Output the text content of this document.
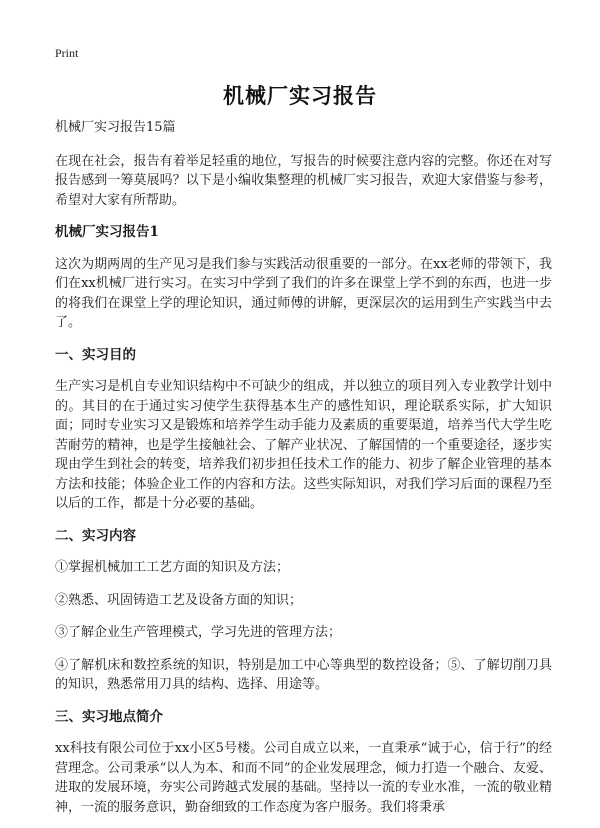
Print
机械厂实习报告

机械厂实习报告15篇

在现在社会，报告有着举足轻重的地位，写报告的时候要注意内容的完整。你还在对写报告感到一筹莫展吗？以下是小编收集整理的机械厂实习报告，欢迎大家借鉴与参考，希望对大家有所帮助。

机械厂实习报告1

这次为期两周的生产见习是我们参与实践活动很重要的一部分。在xx老师的带领下，我们在xx机械厂进行实习。在实习中学到了我们的许多在课堂上学不到的东西，也进一步的将我们在课堂上学的理论知识，通过师傅的讲解，更深层次的运用到生产实践当中去了。

一、实习目的

生产实习是机自专业知识结构中不可缺少的组成，并以独立的项目列入专业教学计划中的。其目的在于通过实习使学生获得基本生产的感性知识，理论联系实际，扩大知识面；同时专业实习又是锻炼和培养学生动手能力及素质的重要渠道，培养当代大学生吃苦耐劳的精神，也是学生接触社会、了解产业状况、了解国情的一个重要途径，逐步实现由学生到社会的转变，培养我们初步担任技术工作的能力、初步了解企业管理的基本方法和技能；体验企业工作的内容和方法。这些实际知识，对我们学习后面的课程乃至以后的工作，都是十分必要的基础。

二、实习内容

①掌握机械加工工艺方面的知识及方法；

②熟悉、巩固铸造工艺及设备方面的知识；

③了解企业生产管理模式，学习先进的管理方法；

④了解机床和数控系统的知识，特别是加工中心等典型的数控设备；⑤、了解切削刀具的知识，熟悉常用刀具的结构、选择、用途等。

三、实习地点简介

xx科技有限公司位于xx小区5号楼。公司自成立以来，一直秉承“诚于心，信于行”的经营理念。公司秉承“以人为本、和而不同”的企业发展理念，倾力打造一个融合、友爱、进取的发展环境，夯实公司跨越式发展的基础。坚持以一流的专业水准，一流的敬业精神，一流的服务意识，勤奋细致的工作态度为客户服务。我们将秉承
